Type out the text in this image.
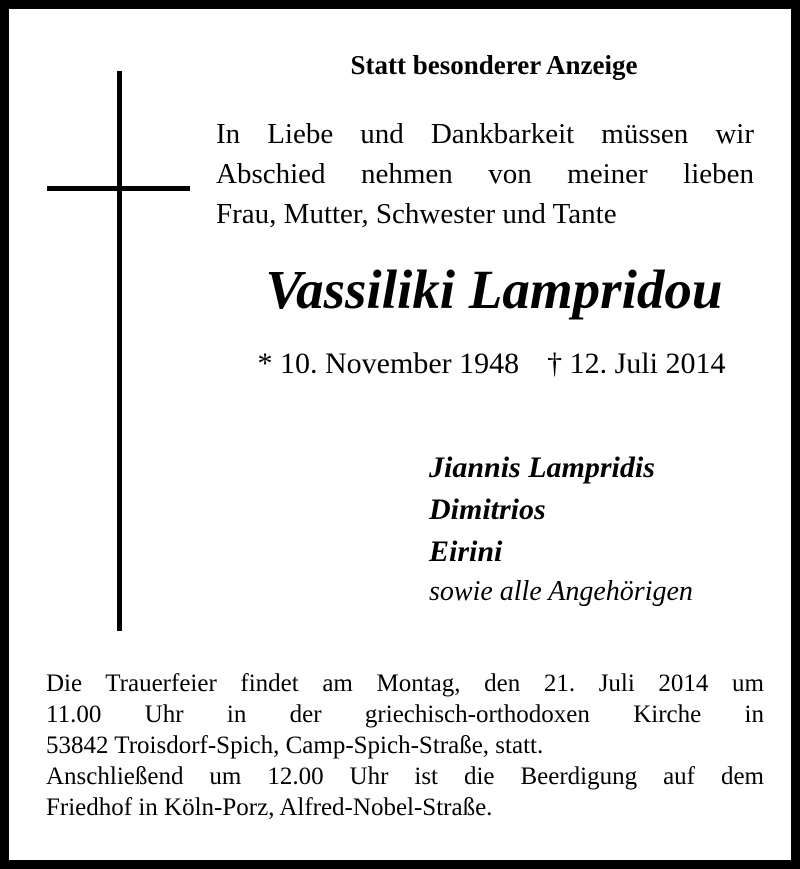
Statt besonderer Anzeige
In Liebe und Dankbarkeit müssen wir
Abschied nehmen von meiner lieben
Frau, Mutter, Schwester und Tante
Vassiliki Lampridou
* 10. November 1948 † 12. Juli 2014
Jiannis Lampridis
Dimitrios
Eirini
sowie alle Angehörigen
Die Trauerfeier findet am Montag, den 21. Juli 2014 um
11.00 Uhr in der griechisch-orthodoxen Kirche in
53842 Troisdorf-Spich, Camp-Spich-Straße, statt.
Anschließend um 12.00 Uhr ist die Beerdigung auf dem
Friedhof in Köln-Porz, Alfred-Nobel-Straße.
